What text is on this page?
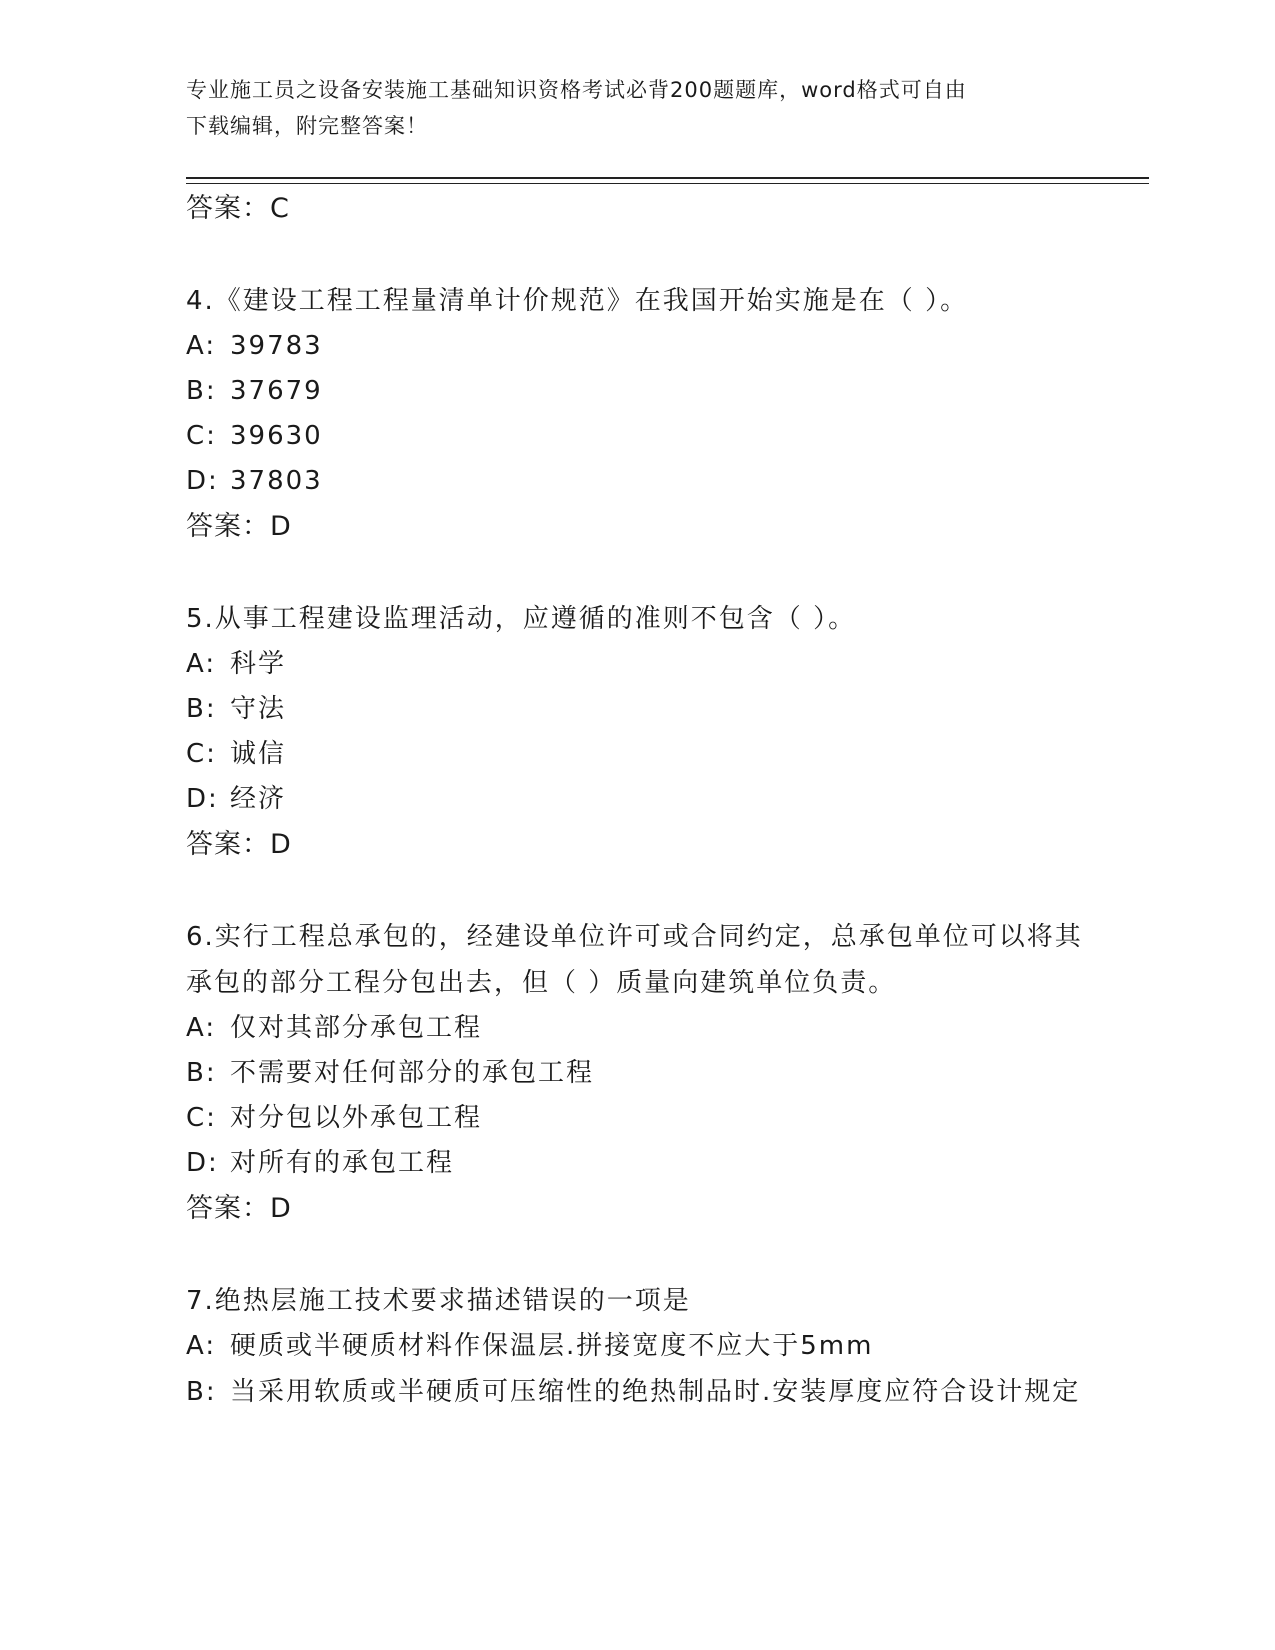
专业施工员之设备安装施工基础知识资格考试必背200题题库，word格式可自由
下载编辑，附完整答案！
答案：C
4.《建设工程工程量清单计价规范》在我国开始实施是在（ ）。
A: 39783
B: 37679
C: 39630
D: 37803
答案：D
5.从事工程建设监理活动，应遵循的准则不包含（ ）。
A: 科学
B: 守法
C: 诚信
D: 经济
答案：D
6.实行工程总承包的，经建设单位许可或合同约定，总承包单位可以将其承包的部分工程分包出去，但（ ）质量向建筑单位负责。
A: 仅对其部分承包工程
B: 不需要对任何部分的承包工程
C: 对分包以外承包工程
D: 对所有的承包工程
答案：D
7.绝热层施工技术要求描述错误的一项是
A: 硬质或半硬质材料作保温层.拼接宽度不应大于5mm
B: 当采用软质或半硬质可压缩性的绝热制品时.安装厚度应符合设计规定
